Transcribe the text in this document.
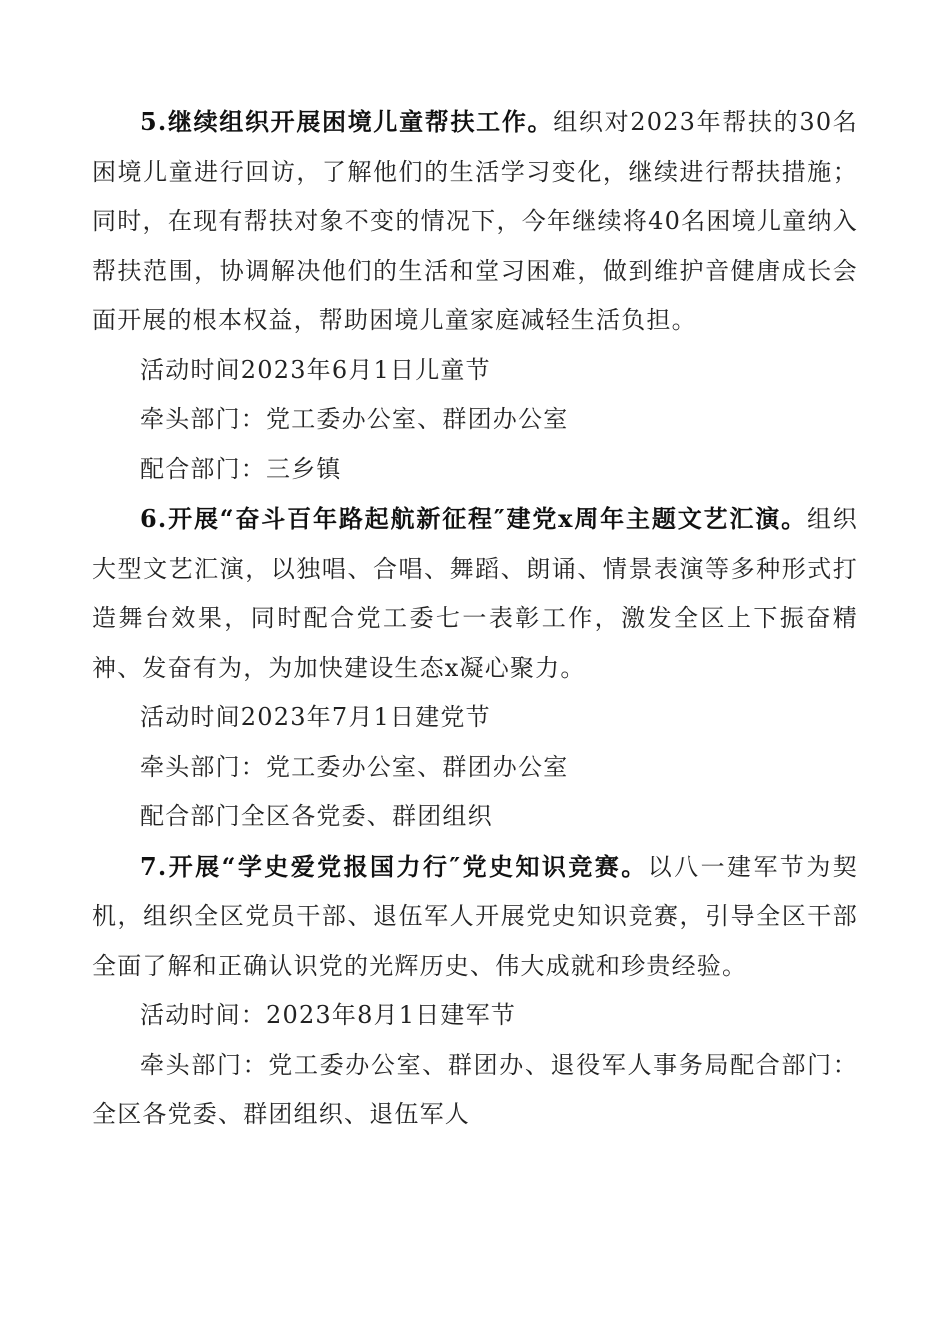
5.继续组织开展困境儿童帮扶工作。组织对2023年帮扶的30名困境儿童进行回访，了解他们的生活学习变化，继续进行帮扶措施；同时，在现有帮扶对象不变的情况下，今年继续将40名困境儿童纳入帮扶范围，协调解决他们的生活和堂习困难，做到维护音健唐成长会面开展的根本权益，帮助困境儿童家庭减轻生活负担。

活动时间2023年6月1日儿童节

牵头部门：党工委办公室、群团办公室

配合部门：三乡镇

6.开展“奋斗百年路起航新征程″建党x周年主题文艺汇演。组织大型文艺汇演，以独唱、合唱、舞蹈、朗诵、情景表演等多种形式打造舞台效果，同时配合党工委七一表彰工作，激发全区上下振奋精神、发奋有为，为加快建设生态x凝心聚力。

活动时间2023年7月1日建党节

牵头部门：党工委办公室、群团办公室

配合部门全区各党委、群团组织

7.开展“学史爱党报国力行″党史知识竞赛。以八一建军节为契机，组织全区党员干部、退伍军人开展党史知识竞赛，引导全区干部全面了解和正确认识党的光辉历史、伟大成就和珍贵经验。

活动时间：2023年8月1日建军节

牵头部门：党工委办公室、群团办、退役军人事务局配合部门：全区各党委、群团组织、退伍军人
